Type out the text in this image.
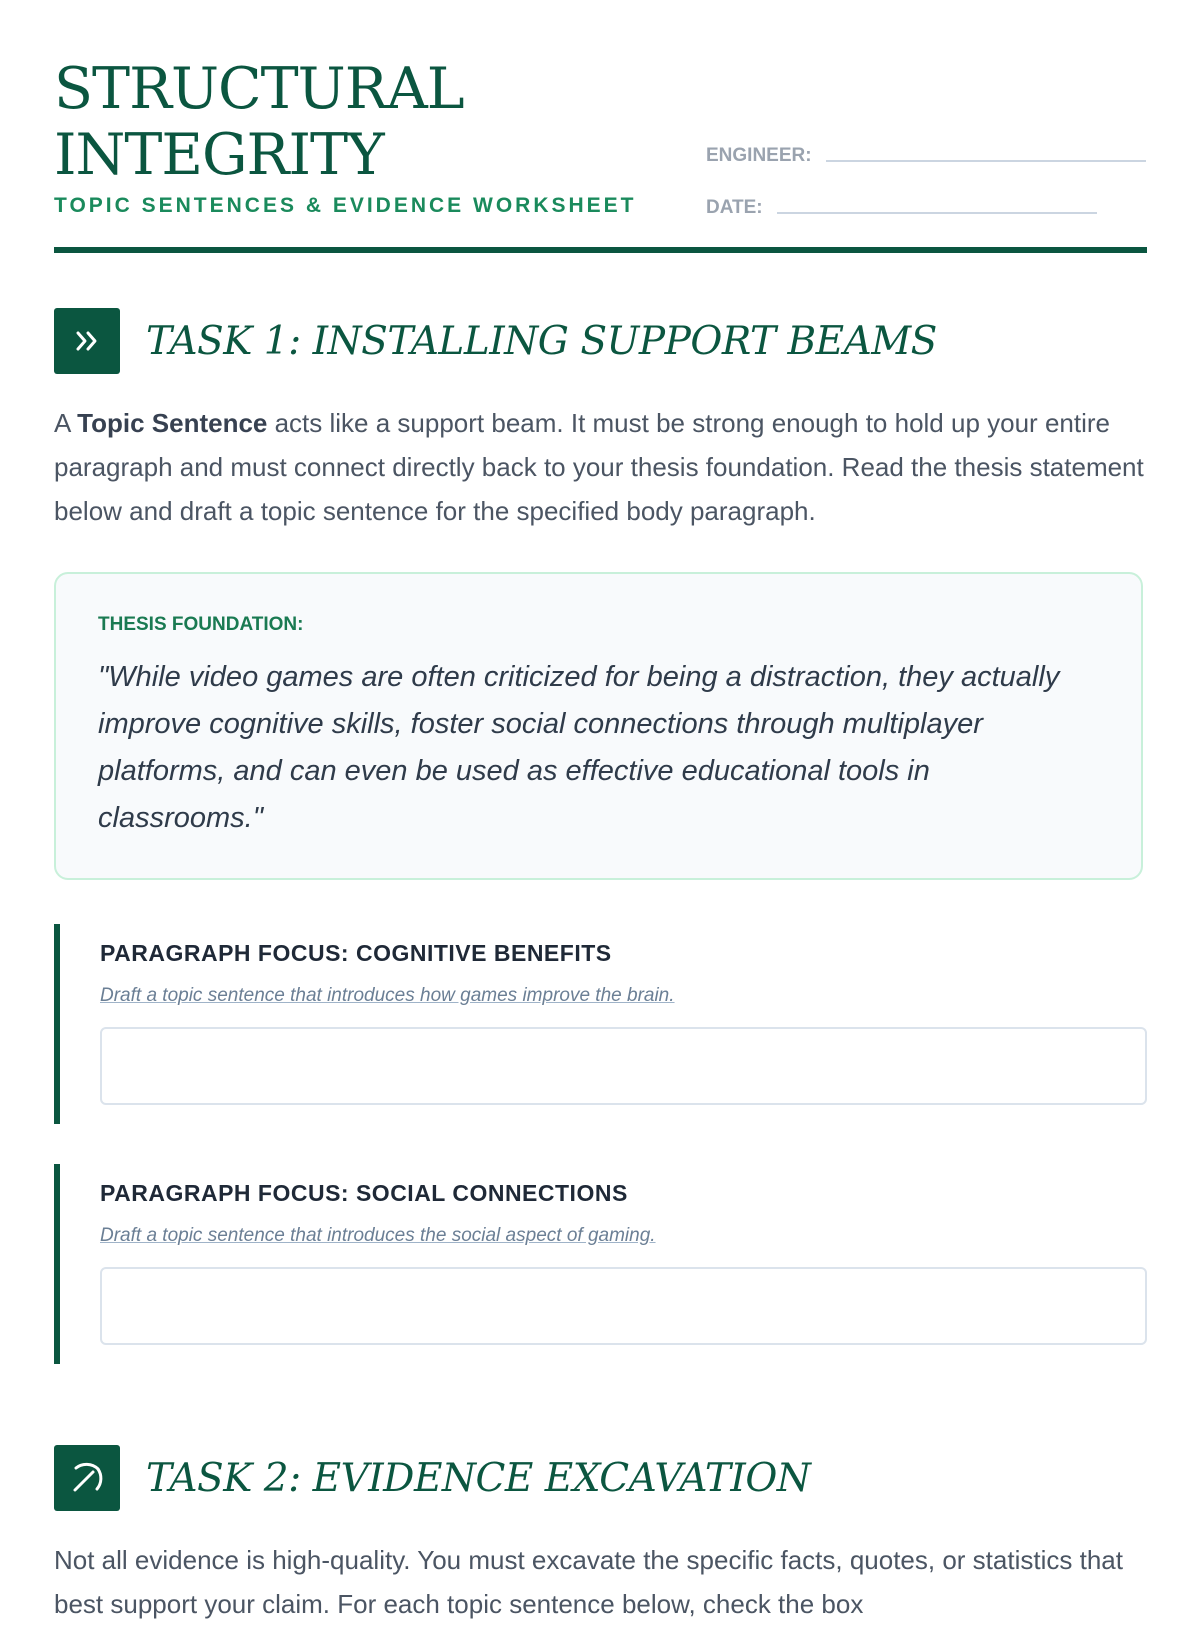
STRUCTURAL
INTEGRITY
TOPIC SENTENCES & EVIDENCE WORKSHEET
ENGINEER:
DATE:
TASK 1: INSTALLING SUPPORT BEAMS

A Topic Sentence acts like a support beam. It must be strong enough to hold up your entire paragraph and must connect directly back to your thesis foundation. Read the thesis statement below and draft a topic sentence for the specified body paragraph.

THESIS FOUNDATION:
"While video games are often criticized for being a distraction, they actually improve cognitive skills, foster social connections through multiplayer platforms, and can even be used as effective educational tools in classrooms."
PARAGRAPH FOCUS: COGNITIVE BENEFITS
Draft a topic sentence that introduces how games improve the brain.
PARAGRAPH FOCUS: SOCIAL CONNECTIONS
Draft a topic sentence that introduces the social aspect of gaming.
TASK 2: EVIDENCE EXCAVATION

Not all evidence is high-quality. You must excavate the specific facts, quotes, or statistics that best support your claim. For each topic sentence below, check the box
